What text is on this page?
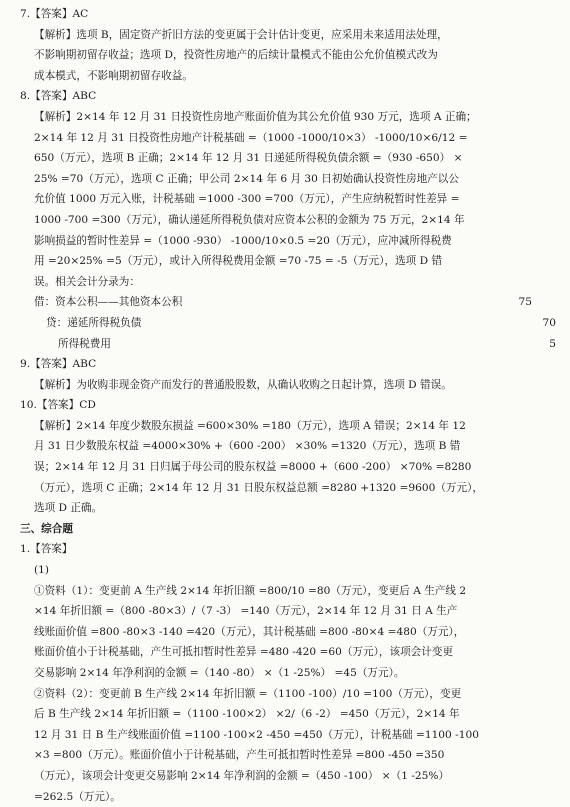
7.【答案】AC
【解析】选项 B，固定资产折旧方法的变更属于会计估计变更，应采用未来适用法处理，
不影响期初留存收益；选项 D，投资性房地产的后续计量模式不能由公允价值模式改为
成本模式，不影响期初留存收益。
8.【答案】ABC
【解析】2×14 年 12 月 31 日投资性房地产账面价值为其公允价值 930 万元，选项 A 正确；
2×14 年 12 月 31 日投资性房地产计税基础 =（1000 -1000/10×3） -1000/10×6/12 =
650（万元），选项 B 正确；2×14 年 12 月 31 日递延所得税负债余额 =（930 -650） ×
25% =70（万元），选项 C 正确；甲公司 2×14 年 6 月 30 日初始确认投资性房地产以公
允价值 1000 万元入账，计税基础 =1000 -300 =700（万元），产生应纳税暂时性差异 =
1000 -700 =300（万元），确认递延所得税负债对应资本公积的金额为 75 万元，2×14 年
影响损益的暂时性差异 =（1000 -930） -1000/10×0.5 =20（万元），应冲减所得税费
用 =20×25% =5（万元），或计入所得税费用金额 =70 -75 = -5（万元），选项 D 错
误。相关会计分录为：
借：资本公积——其他资本公积	75
贷：递延所得税负债	70
所得税费用	5
9.【答案】ABC
【解析】为收购非现金资产而发行的普通股股数，从确认收购之日起计算，选项 D 错误。
10.【答案】CD
【解析】2×14 年度少数股东损益 =600×30% =180（万元），选项 A 错误；2×14 年 12
月 31 日少数股东权益 =4000×30% +（600 -200） ×30% =1320（万元），选项 B 错
误；2×14 年 12 月 31 日归属于母公司的股东权益 =8000 +（600 -200） ×70% =8280
（万元），选项 C 正确；2×14 年 12 月 31 日股东权益总额 =8280 +1320 =9600（万元），
选项 D 正确。
三、综合题
1.【答案】
(1)
①资料（1）：变更前 A 生产线 2×14 年折旧额 =800/10 =80（万元），变更后 A 生产线 2
×14 年折旧额 =（800 -80×3）/（7 -3） =140（万元），2×14 年 12 月 31 日 A 生产
线账面价值 =800 -80×3 -140 =420（万元），其计税基础 =800 -80×4 =480（万元），
账面价值小于计税基础，产生可抵扣暂时性差异 =480 -420 =60（万元），该项会计变更
交易影响 2×14 年净利润的金额 =（140 -80） ×（1 -25%） =45（万元）。
②资料（2）：变更前 B 生产线 2×14 年折旧额 =（1100 -100）/10 =100（万元），变更
后 B 生产线 2×14 年折旧额 =（1100 -100×2） ×2/（6 -2） =450（万元），2×14 年
12 月 31 日 B 生产线账面价值 =1100 -100×2 -450 =450（万元），计税基础 =1100 -100
×3 =800（万元）。账面价值小于计税基础，产生可抵扣暂时性差异 =800 -450 =350
（万元），该项会计变更交易影响 2×14 年净利润的金额 =（450 -100） ×（1 -25%）
=262.5（万元）。
